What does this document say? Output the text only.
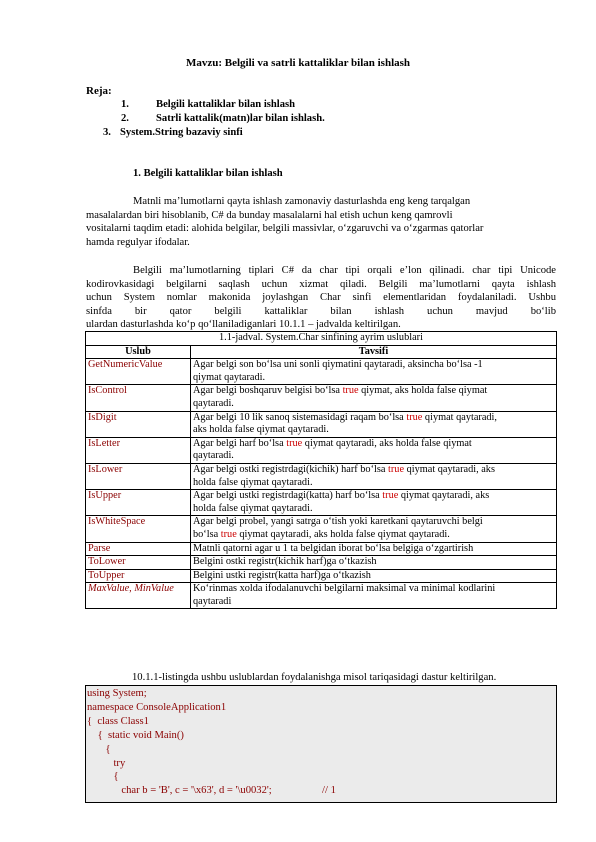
Mavzu: Belgili va satrli kattaliklar bilan ishlash
Reja:
1.	Belgili kattaliklar bilan ishlash
2.	Satrli kattalik(matn)lar bilan ishlash.
3. System.String bazaviy sinfi
1. Belgili kattaliklar bilan ishlash
Matnli ma’lumotlarni qayta ishlash zamonaviy dasturlashda eng keng tarqalgan
masalalardan biri hisoblanib, C# da bunday masalalarni hal etish uchun keng qamrovli
vositalarni taqdim etadi: alohida belgilar, belgili massivlar, o‘zgaruvchi va o‘zgarmas qatorlar
hamda regulyar ifodalar.
Belgili ma’lumotlarning tiplari C# da char tipi orqali e’lon qilinadi. char tipi Unicode
kodirovkasidagi belgilarni saqlash uchun xizmat qiladi. Belgili ma’lumotlarni qayta ishlash
uchun System nomlar makonida joylashgan Char sinfi elementlaridan foydalaniladi. Ushbu
sinfda bir qator belgili kattaliklar bilan ishlash uchun mavjud bo‘lib
ulardan dasturlashda ko‘p qo‘llaniladiganlari 10.1.1 – jadvalda keltirilgan.
1.1-jadval. System.Char sinfining ayrim uslublari	
Uslub	Tavsifi
GetNumericValue	Agar belgi son bo‘lsa uni sonli qiymatini qaytaradi, aksincha bo‘lsa -1
qiymat qaytaradi.

IsControl	Agar belgi boshqaruv belgisi bo‘lsa true qiymat, aks holda false qiymat
qaytaradi.

IsDigit	Agar belgi 10 lik sanoq sistemasidagi raqam bo‘lsa true qiymat qaytaradi,
aks holda false qiymat qaytaradi.

IsLetter	Agar belgi harf bo‘lsa true qiymat qaytaradi, aks holda false qiymat
qaytaradi.

IsLower	Agar belgi ostki registrdagi(kichik) harf bo‘lsa true qiymat qaytaradi, aks
holda false qiymat qaytaradi.

IsUpper	Agar belgi ustki registrdagi(katta) harf bo‘lsa true qiymat qaytaradi, aks
holda false qiymat qaytaradi.

IsWhiteSpace	Agar belgi probel, yangi satrga o‘tish yoki karetkani qaytaruvchi belgi
bo‘lsa true qiymat qaytaradi, aks holda false qiymat qaytaradi.

Parse	Matnli qatorni agar u 1 ta belgidan iborat bo‘lsa belgiga o‘zgartirish

ToLower	Belgini ostki registr(kichik harf)ga o‘tkazish

ToUpper	Belgini ustki registr(katta harf)ga o‘tkazish

MaxValue, MinValue	Ko‘rinmas xolda ifodalanuvchi belgilarni maksimal va minimal kodlarini
qaytaradi
10.1.1-listingda ushbu uslublardan foydalanishga misol tariqasidagi dastur keltirilgan.
using System;
namespace ConsoleApplication1
{  class Class1
{  static void Main()
{
try
{
char b = 'B', c = '\x63', d = '\u0032';                   // 1
